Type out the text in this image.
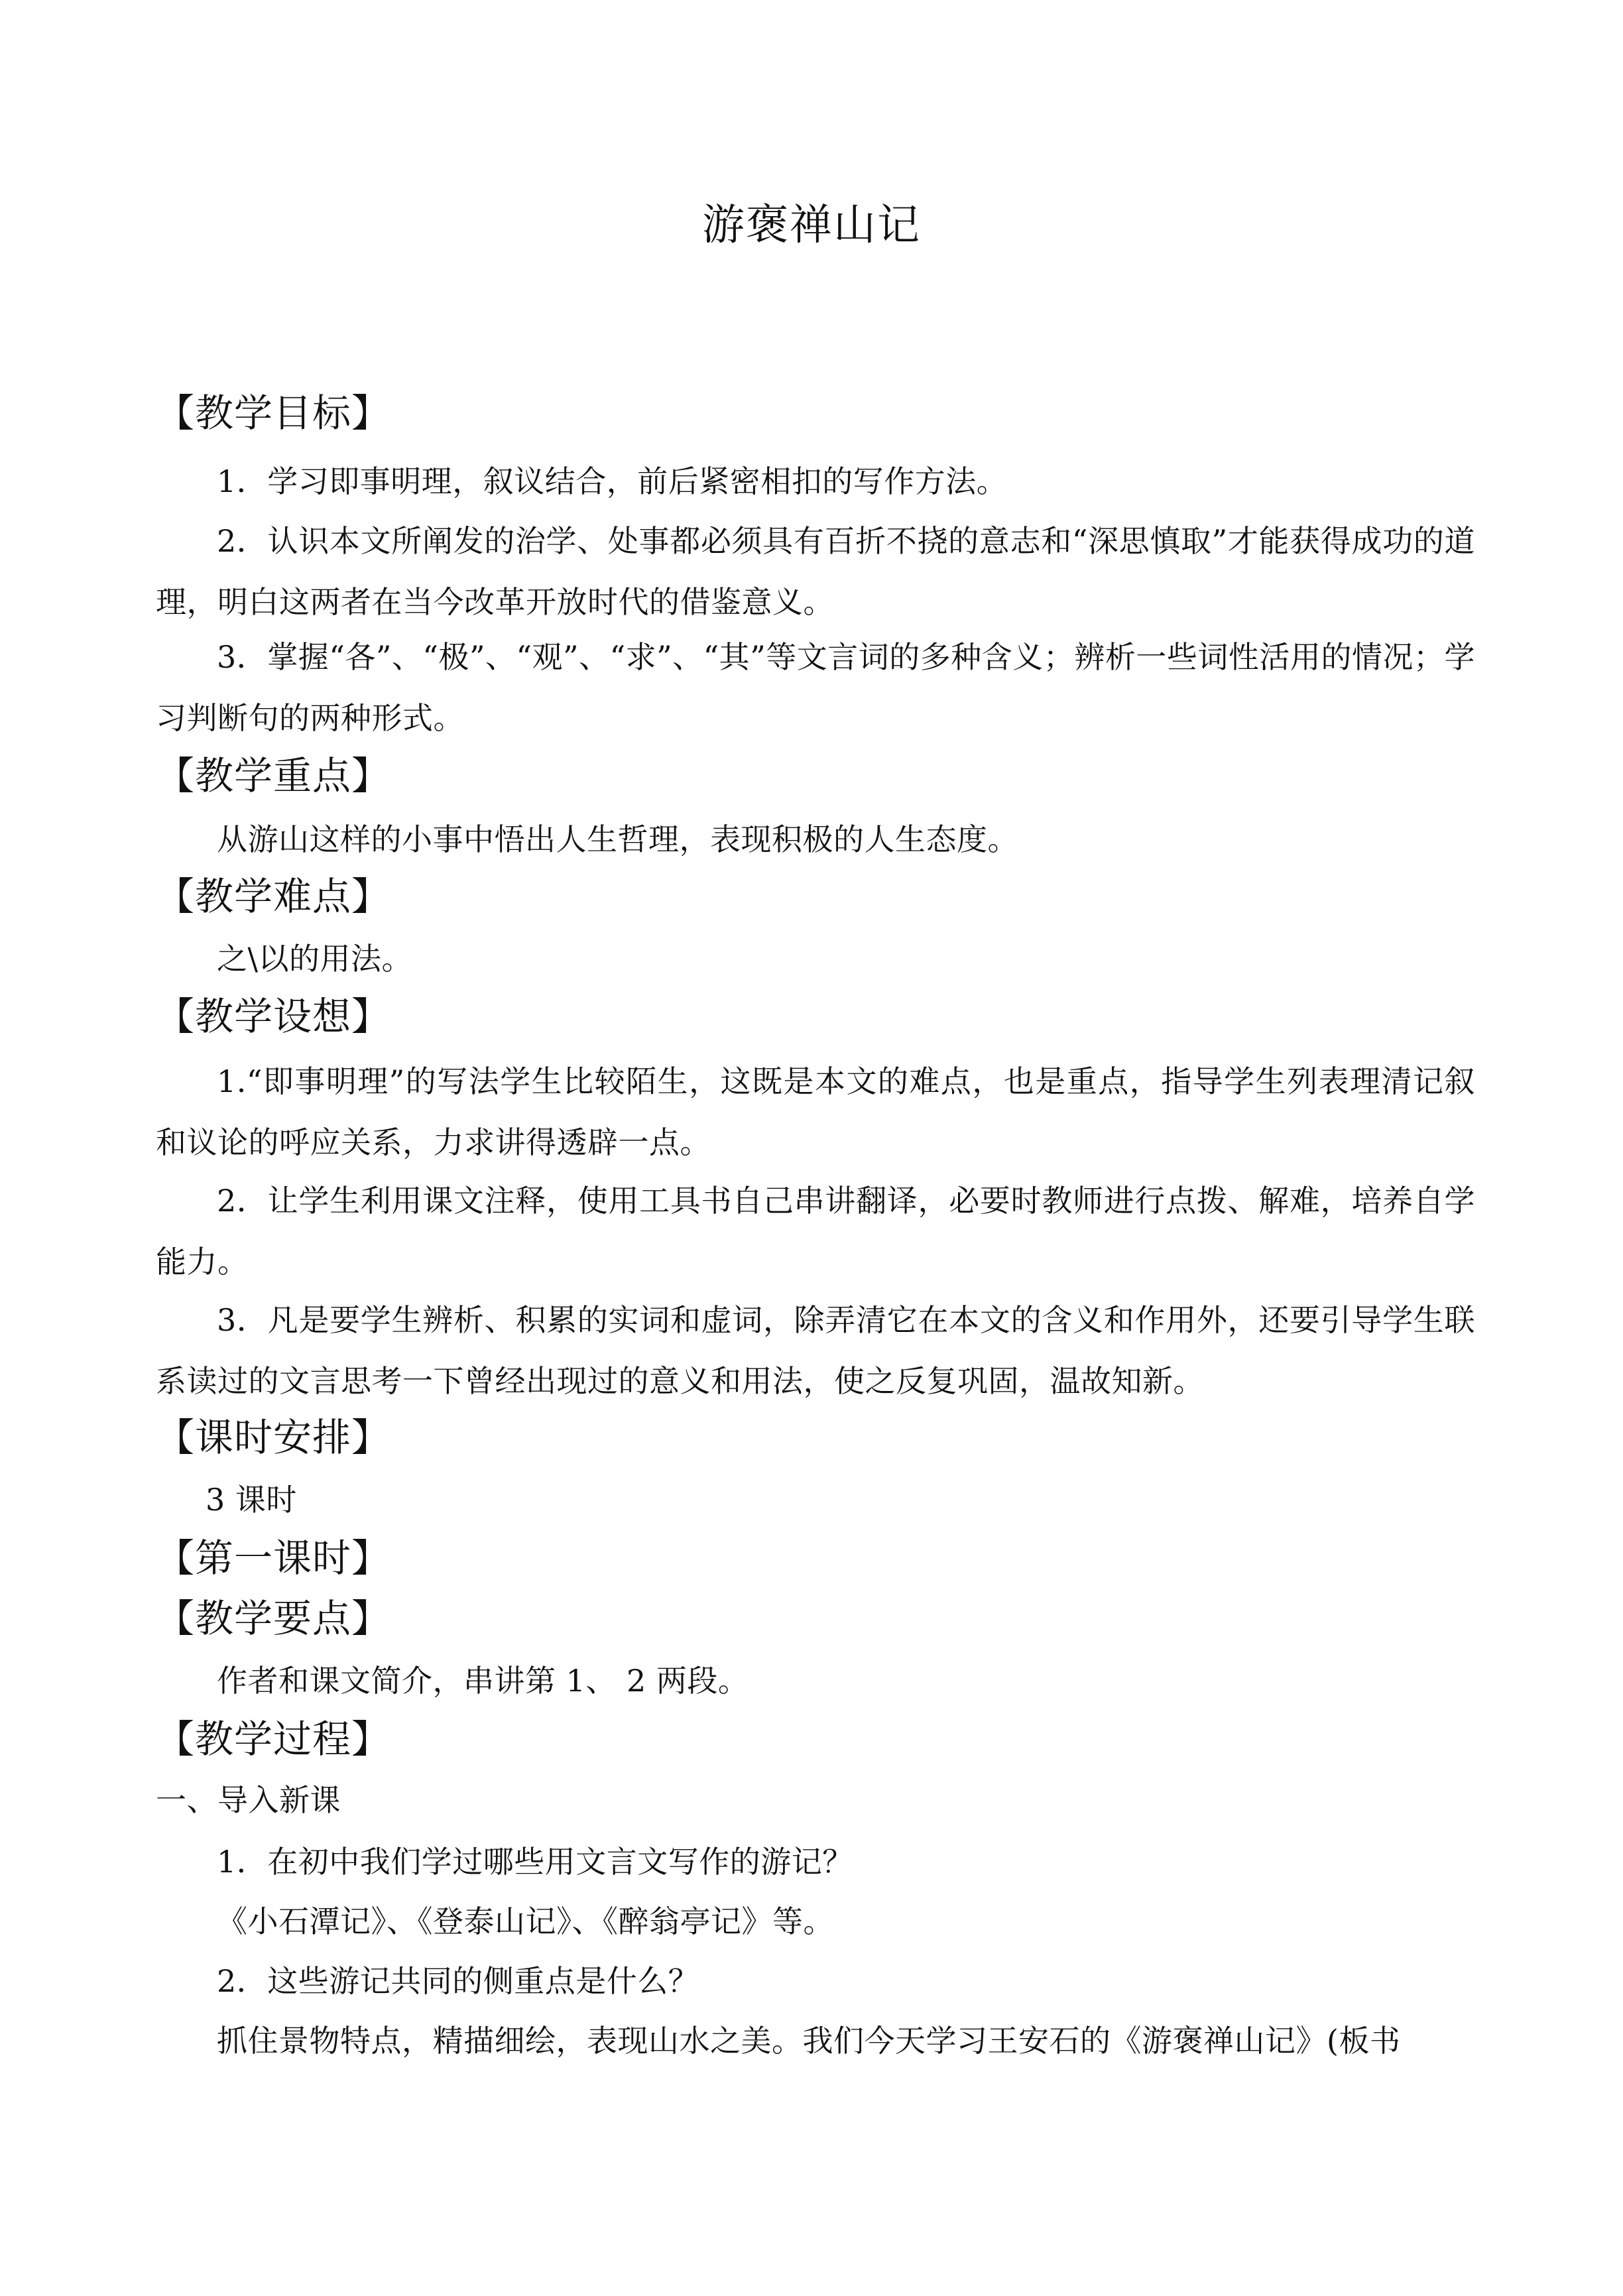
游褒禅山记
【教学目标】
1．学习即事明理，叙议结合，前后紧密相扣的写作方法。
2．认识本文所阐发的治学、处事都必须具有百折不挠的意志和“深思慎取”才能获得成功的道理，明白这两者在当今改革开放时代的借鉴意义。
3．掌握“各”、“极”、“观”、“求”、“其”等文言词的多种含义；辨析一些词性活用的情况；学习判断句的两种形式。
【教学重点】
从游山这样的小事中悟出人生哲理，表现积极的人生态度。
【教学难点】
之\以的用法。
【教学设想】
1.“即事明理”的写法学生比较陌生，这既是本文的难点，也是重点，指导学生列表理清记叙和议论的呼应关系，力求讲得透辟一点。
2．让学生利用课文注释，使用工具书自己串讲翻译，必要时教师进行点拨、解难，培养自学能力。
3．凡是要学生辨析、积累的实词和虚词，除弄清它在本文的含义和作用外，还要引导学生联系读过的文言思考一下曾经出现过的意义和用法，使之反复巩固，温故知新。
【课时安排】
3 课时
【第一课时】
【教学要点】
作者和课文简介，串讲第 1、 2 两段。
【教学过程】
一、导入新课
1．在初中我们学过哪些用文言文写作的游记？
《小石潭记》、《登泰山记》、《醉翁亭记》等。
2．这些游记共同的侧重点是什么？
抓住景物特点，精描细绘，表现山水之美。我们今天学习王安石的《游褒禅山记》(板书
